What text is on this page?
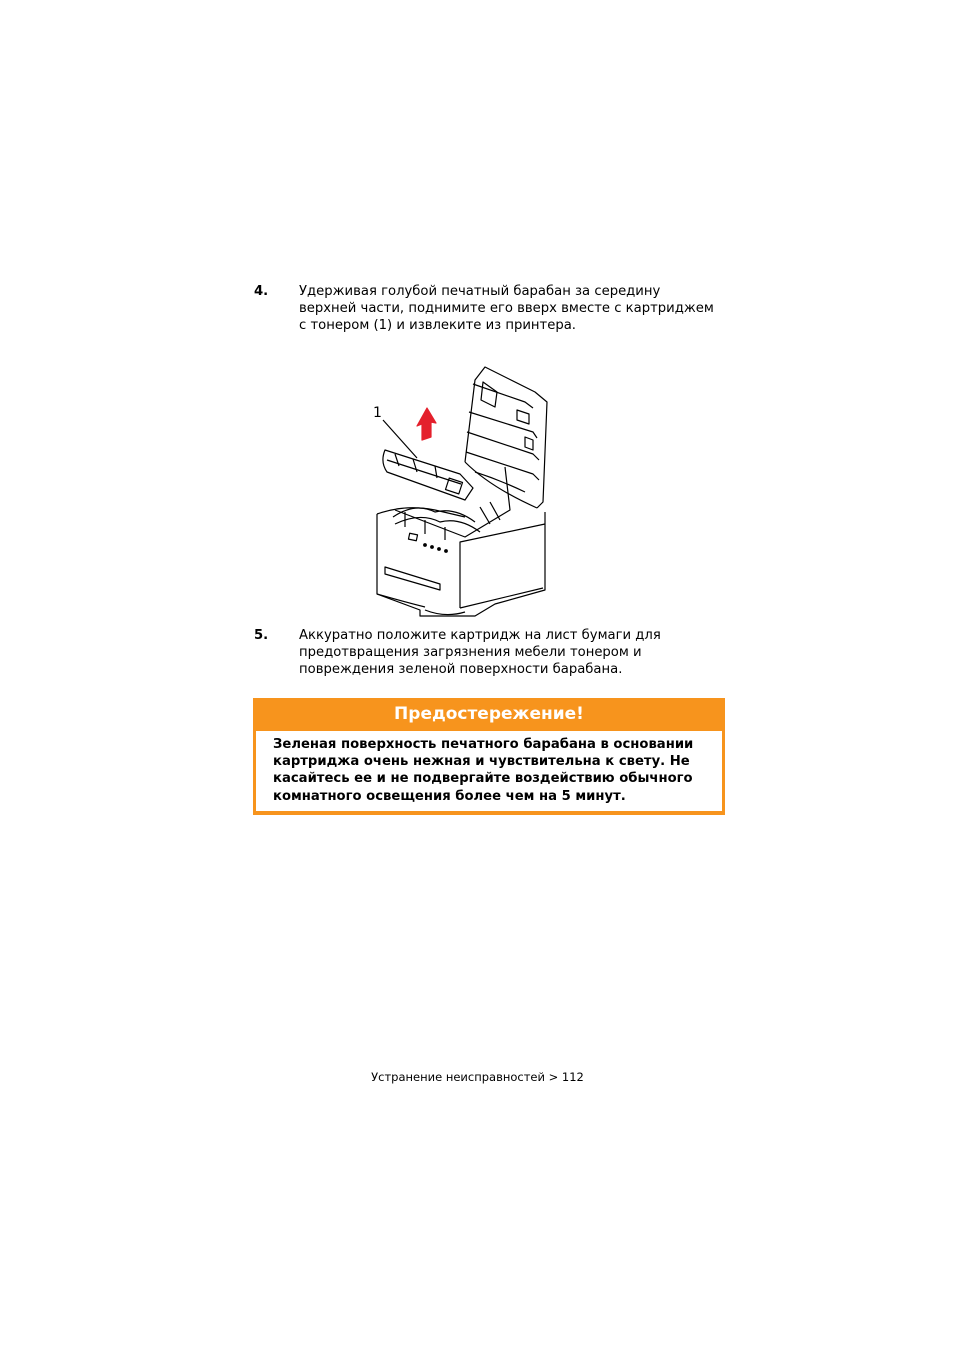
4. Удерживая голубой печатный барабан за середину
верхней части, поднимите его вверх вместе с картриджем
с тонером (1) и извлеките из принтера.
1
5. Аккуратно положите картридж на лист бумаги для
предотвращения загрязнения мебели тонером и
повреждения зеленой поверхности барабана.
Предостережение!
Зеленая поверхность печатного барабана в основании
картриджа очень нежная и чувствительна к свету. Не
касайтесь ее и не подвергайте воздействию обычного
комнатного освещения более чем на 5 минут.
Устранение неисправностей > 112
